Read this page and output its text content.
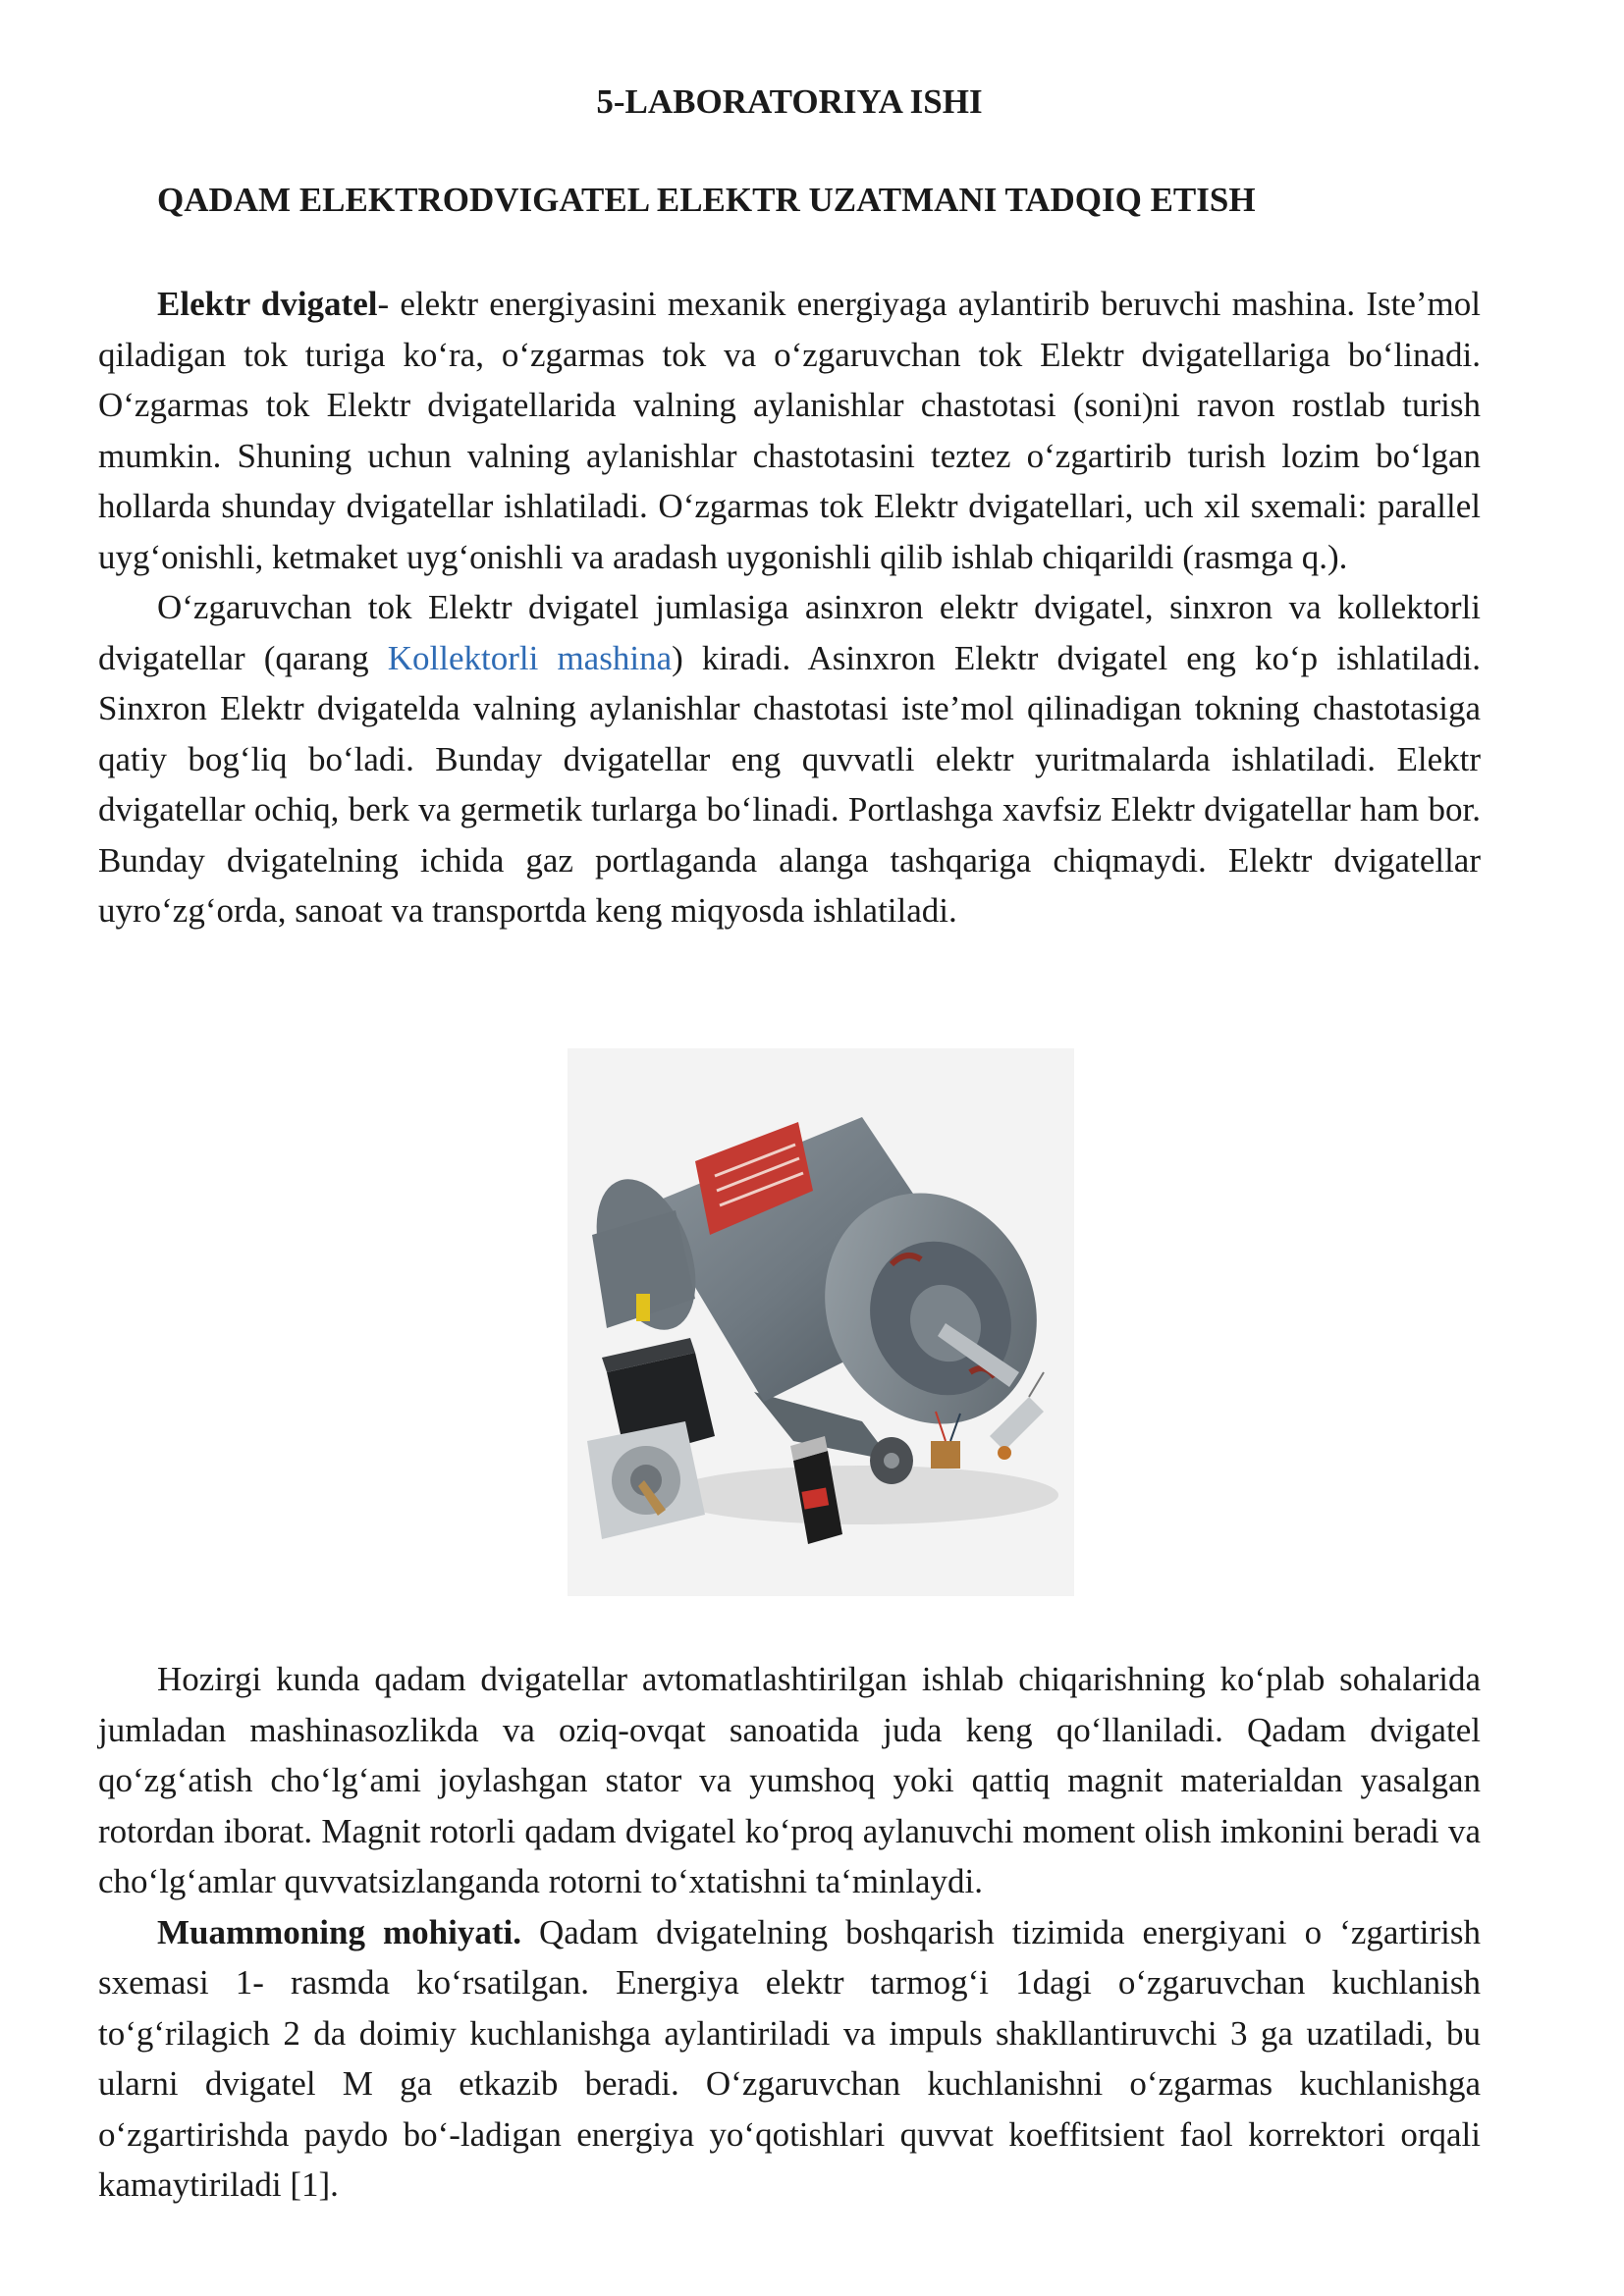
5-LABORATORIYA ISHI
QADAM ELEKTRODVIGATEL ELEKTR UZATMANI TADQIQ ETISH

Elektr dvigatel- elektr energiyasini mexanik energiyaga aylantirib beruvchi mashina. Iste’mol qiladigan tok turiga ko‘ra, o‘zgarmas tok va o‘zgaruvchan tok Elektr dvigatellariga bo‘linadi. O‘zgarmas tok Elektr dvigatellarida valning aylanishlar chastotasi (soni)ni ravon rostlab turish mumkin. Shuning uchun valning aylanishlar chastotasini teztez o‘zgartirib turish lozim bo‘lgan hollarda shunday dvigatellar ishlatiladi. O‘zgarmas tok Elektr dvigatellari, uch xil sxemali: parallel uyg‘onishli, ketmaket uyg‘onishli va aradash uygonishli qilib ishlab chiqarildi (rasmga q.).

O‘zgaruvchan tok Elektr dvigatel jumlasiga asinxron elektr dvigatel, sinxron va kollektorli dvigatellar (qarang Kollektorli mashina) kiradi. Asinxron Elektr dvigatel eng ko‘p ishlatiladi. Sinxron Elektr dvigatelda valning aylanishlar chastotasi iste’mol qilinadigan tokning chastotasiga qatiy bog‘liq bo‘ladi. Bunday dvigatellar eng quvvatli elektr yuritmalarda ishlatiladi. Elektr dvigatellar ochiq, berk va germetik turlarga bo‘linadi. Portlashga xavfsiz Elektr dvigatellar ham bor. Bunday dvigatelning ichida gaz portlaganda alanga tashqariga chiqmaydi. Elektr dvigatellar uyro‘zg‘orda, sanoat va transportda keng miqyosda ishlatiladi.

Hozirgi kunda qadam dvigatellar avtomatlashtirilgan ishlab chiqarishning ko‘plab sohalarida jumladan mashinasozlikda va oziq-ovqat sanoatida juda keng qo‘llaniladi. Qadam dvigatel qo‘zg‘atish cho‘lg‘ami joylashgan stator va yumshoq yoki qattiq magnit materialdan yasalgan rotordan iborat. Magnit rotorli qadam dvigatel ko‘proq aylanuvchi moment olish imkonini beradi va cho‘lg‘amlar quvvatsizlanganda rotorni to‘xtatishni ta‘minlaydi.

Muammoning mohiyati. Qadam dvigatelning boshqarish tizimida energiyani o ‘zgartirish sxemasi 1- rasmda ko‘rsatilgan. Energiya elektr tarmog‘i 1dagi o‘zgaruvchan kuchlanish to‘g‘rilagich 2 da doimiy kuchlanishga aylantiriladi va impuls shakllantiruvchi 3 ga uzatiladi, bu ularni dvigatel M ga etkazib beradi. O‘zgaruvchan kuchlanishni o‘zgarmas kuchlanishga o‘zgartirishda paydo bo‘-ladigan energiya yo‘qotishlari quvvat koeffitsient faol korrektori orqali kamaytiriladi [1].
